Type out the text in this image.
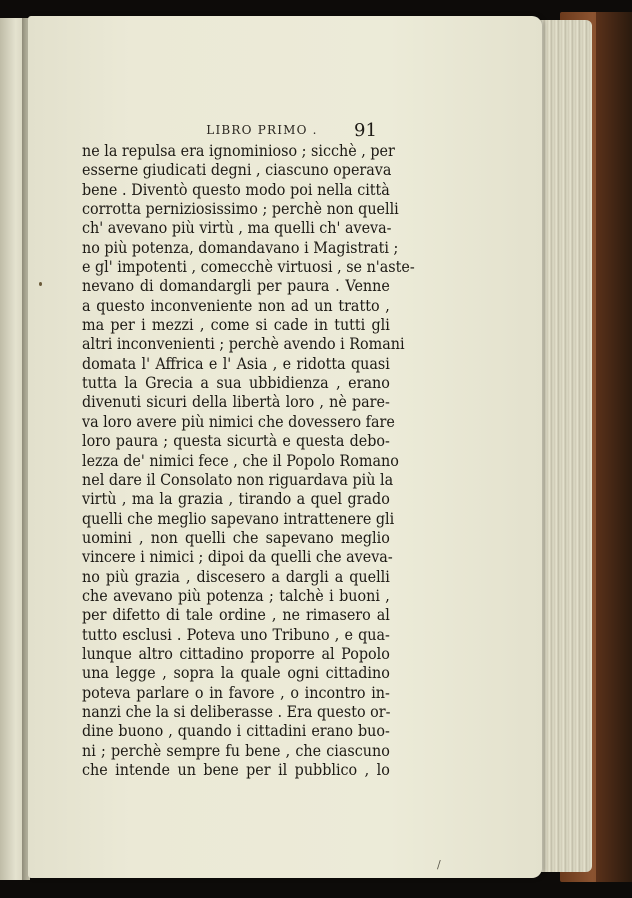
LIBRO PRIMO .	91
ne la repulsa era ignominioso ; sicchè , per
esserne giudicati degni , ciascuno operava
bene . Diventò questo modo poi nella città
corrotta perniziosissimo ; perchè non quelli
ch' avevano più virtù , ma quelli ch' aveva-
no più potenza, domandavano i Magistrati ;
e gl' impotenti , comecchè virtuosi , se n'aste-
nevano di domandargli per paura . Venne
a questo inconveniente non ad un tratto ,
ma per i mezzi , come si cade in tutti gli
altri inconvenienti ; perchè avendo i Romani
domata l' Affrica e l' Asia , e ridotta quasi
tutta la Grecia a sua ubbidienza , erano
divenuti sicuri della libertà loro , nè pare-
va loro avere più nimici che dovessero fare
loro paura ; questa sicurtà e questa debo-
lezza de' nimici fece , che il Popolo Romano
nel dare il Consolato non riguardava più la
virtù , ma la grazia , tirando a quel grado
quelli che meglio sapevano intrattenere gli
uomini , non quelli che sapevano meglio
vincere i nimici ; dipoi da quelli che aveva-
no più grazia , discesero a dargli a quelli
che avevano più potenza ; talchè i buoni ,
per difetto di tale ordine , ne rimasero al
tutto esclusi . Poteva uno Tribuno , e qua-
lunque altro cittadino proporre al Popolo
una legge , sopra la quale ogni cittadino
poteva parlare o in favore , o incontro in-
nanzi che la si deliberasse . Era questo or-
dine buono , quando i cittadini erano buo-
ni ; perchè sempre fu bene , che ciascuno
che intende un bene per il pubblico , lo
/
